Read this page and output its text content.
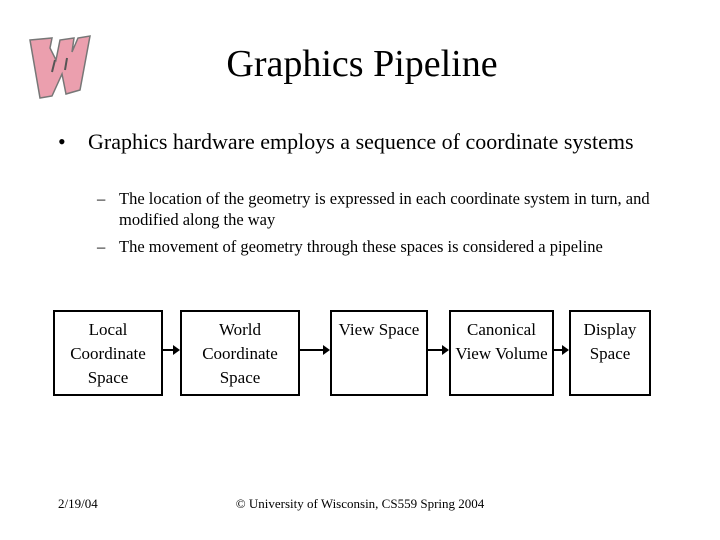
Graphics Pipeline
• Graphics hardware employs a sequence of coordinate systems
– The location of the geometry is expressed in each coordinate system in turn, and modified along the way
– The movement of geometry through these spaces is considered a pipeline
Local Coordinate Space
World Coordinate Space
View Space	Canonical View Volume
Display Space
2/19/04	© University of Wisconsin, CS559 Spring 2004
